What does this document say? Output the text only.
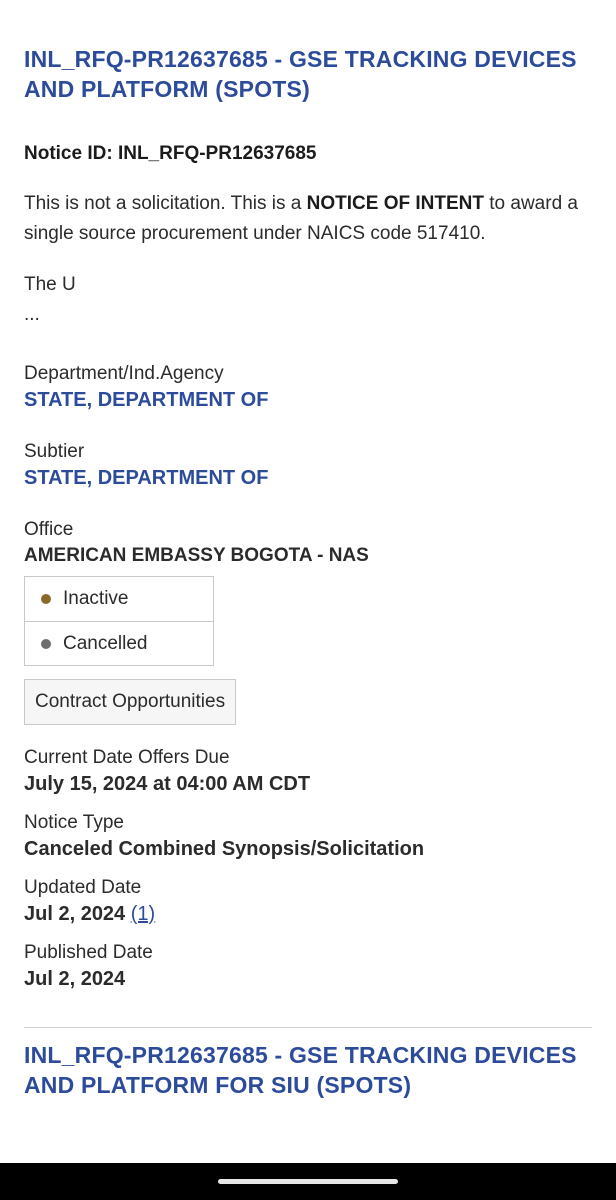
INL_RFQ-PR12637685 - GSE TRACKING DEVICES AND PLATFORM (SPOTS)
Notice ID: INL_RFQ-PR12637685
This is not a solicitation. This is a NOTICE OF INTENT to award a single source procurement under NAICS code 517410.
The U
...
Department/Ind.Agency
STATE, DEPARTMENT OF
Subtier
STATE, DEPARTMENT OF
Office
AMERICAN EMBASSY BOGOTA - NAS
Inactive
Cancelled
Contract Opportunities
Current Date Offers Due
July 15, 2024 at 04:00 AM CDT
Notice Type
Canceled Combined Synopsis/Solicitation
Updated Date
Jul 2, 2024 (1)
Published Date
Jul 2, 2024
INL_RFQ-PR12637685 - GSE TRACKING DEVICES AND PLATFORM FOR SIU (SPOTS)
